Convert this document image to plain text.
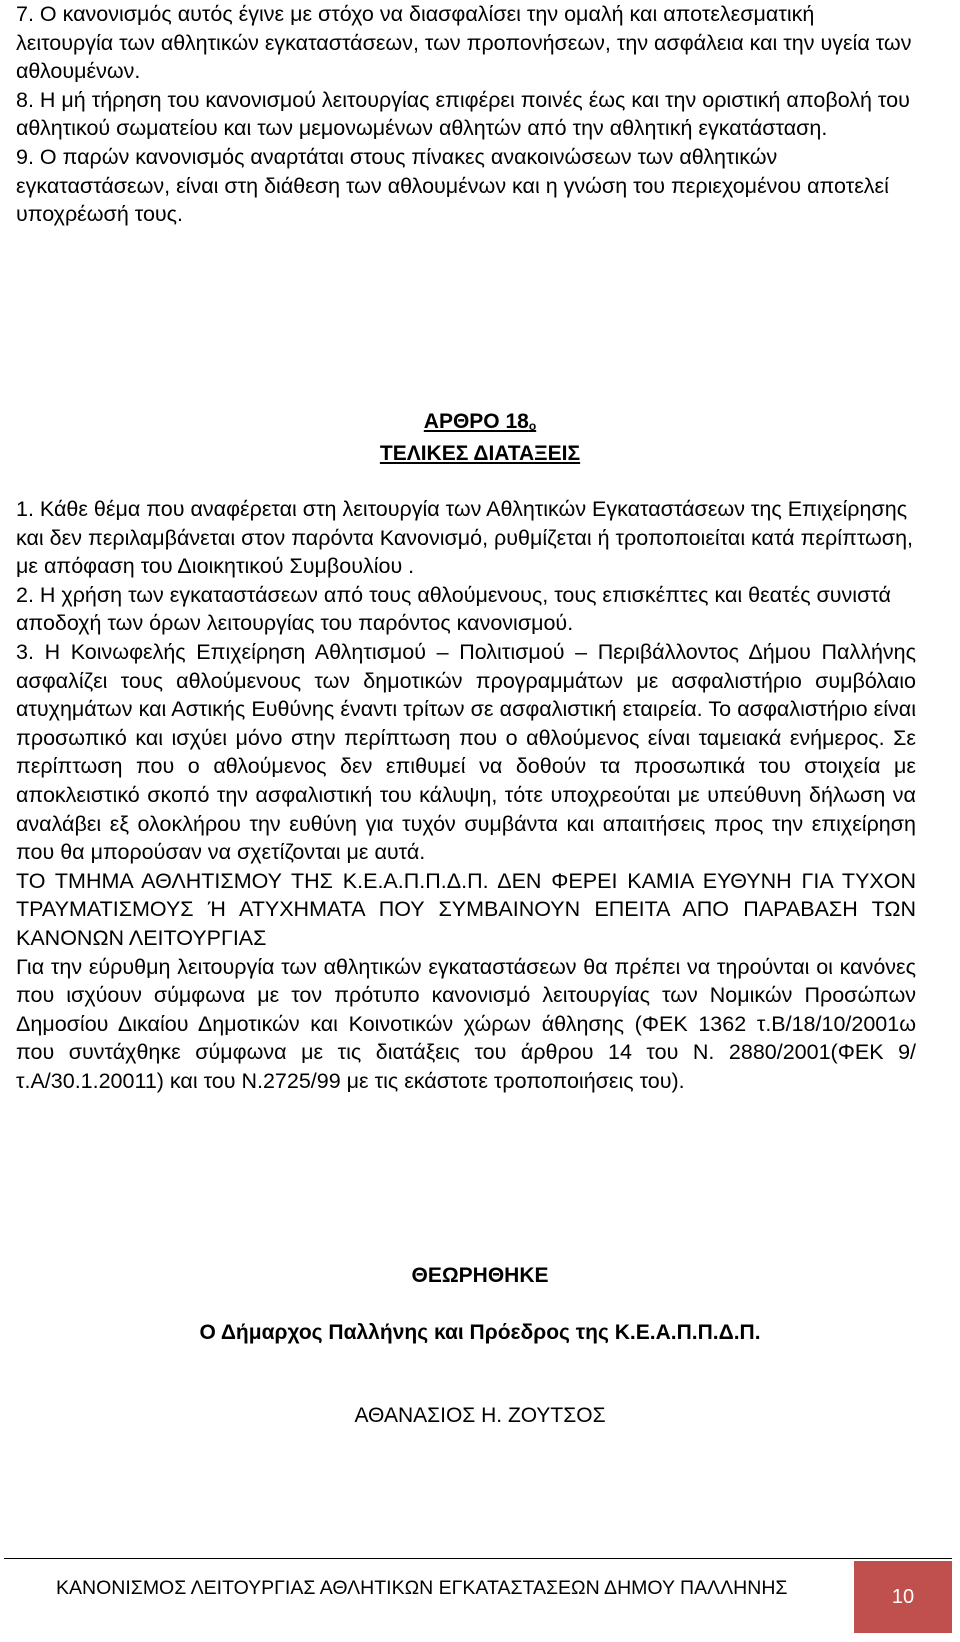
7. Ο κανονισμός αυτός έγινε με στόχο να διασφαλίσει την ομαλή και αποτελεσματική λειτουργία των αθλητικών εγκαταστάσεων, των προπονήσεων, την ασφάλεια και την υγεία των αθλουμένων.

8. Η μή τήρηση του κανονισμού λειτουργίας επιφέρει ποινές έως και την οριστική αποβολή του αθλητικού σωματείου και των μεμονωμένων αθλητών από την αθλητική εγκατάσταση.

9. Ο παρών κανονισμός αναρτάται στους πίνακες ανακοινώσεων των αθλητικών εγκαταστάσεων, είναι στη διάθεση των αθλουμένων και η γνώση του περιεχομένου αποτελεί υποχρέωσή τους.

ΑΡΘΡΟ $18_o$
ΤΕΛΙΚΕΣ ΔΙΑΤΑΞΕΙΣ

1. Κάθε θέμα που αναφέρεται στη λειτουργία των Αθλητικών Εγκαταστάσεων της Επιχείρησης και δεν περιλαμβάνεται στον παρόντα Κανονισμό, ρυθμίζεται ή τροποποιείται κατά περίπτωση, με απόφαση του Διοικητικού Συμβουλίου .

2. Η χρήση των εγκαταστάσεων από τους αθλούμενους, τους επισκέπτες και θεατές συνιστά αποδοχή των όρων λειτουργίας του παρόντος κανονισμού.

3. Η Κοινωφελής Επιχείρηση Αθλητισμού – Πολιτισμού – Περιβάλλοντος Δήμου Παλλήνης ασφαλίζει τους αθλούμενους των δημοτικών προγραμμάτων με ασφαλιστήριο συμβόλαιο ατυχημάτων και Αστικής Ευθύνης έναντι τρίτων σε ασφαλιστική εταιρεία. Το ασφαλιστήριο είναι προσωπικό και ισχύει μόνο στην περίπτωση που ο αθλούμενος είναι ταμειακά ενήμερος. Σε περίπτωση που ο αθλούμενος δεν επιθυμεί να δοθούν τα προσωπικά του στοιχεία με αποκλειστικό σκοπό την ασφαλιστική του κάλυψη, τότε υποχρεούται με υπεύθυνη δήλωση να αναλάβει εξ ολοκλήρου την ευθύνη για τυχόν συμβάντα και απαιτήσεις προς την επιχείρηση που θα μπορούσαν να σχετίζονται με αυτά.

ΤΟ ΤΜΗΜΑ ΑΘΛΗΤΙΣΜΟΥ ΤΗΣ Κ.Ε.Α.Π.Π.Δ.Π. ΔΕΝ ΦΕΡΕΙ ΚΑΜΙΑ ΕΥΘΥΝΗ ΓΙΑ ΤΥΧΟΝ ΤΡΑΥΜΑΤΙΣΜΟΥΣ Ή ΑΤΥΧΗΜΑΤΑ ΠΟΥ ΣΥΜΒΑΙΝΟΥΝ ΕΠΕΙΤΑ ΑΠΟ ΠΑΡΑΒΑΣΗ ΤΩΝ ΚΑΝΟΝΩΝ ΛΕΙΤΟΥΡΓΙΑΣ

Για την εύρυθμη λειτουργία των αθλητικών εγκαταστάσεων θα πρέπει να τηρούνται οι κανόνες που ισχύουν σύμφωνα με τον πρότυπο κανονισμό λειτουργίας των Νομικών Προσώπων Δημοσίου Δικαίου Δημοτικών και Κοινοτικών χώρων άθλησης (ΦΕΚ 1362 τ.Β/18/10/2001ω που συντάχθηκε σύμφωνα με τις διατάξεις του άρθρου 14 του Ν. 2880/2001(ΦΕΚ 9/τ.Α/30.1.20011) και του Ν.2725/99 με τις εκάστοτε τροποποιήσεις του).

ΘΕΩΡΗΘΗΚΕ
Ο Δήμαρχος Παλλήνης και Πρόεδρος της Κ.Ε.Α.Π.Π.Δ.Π.
ΑΘΑΝΑΣΙΟΣ Η. ΖΟΥΤΣΟΣ
ΚΑΝΟΝΙΣΜΟΣ ΛΕΙΤΟΥΡΓΙΑΣ ΑΘΛΗΤΙΚΩΝ ΕΓΚΑΤΑΣΤΑΣΕΩΝ ΔΗΜΟΥ ΠΑΛΛΗΝΗΣ	10
